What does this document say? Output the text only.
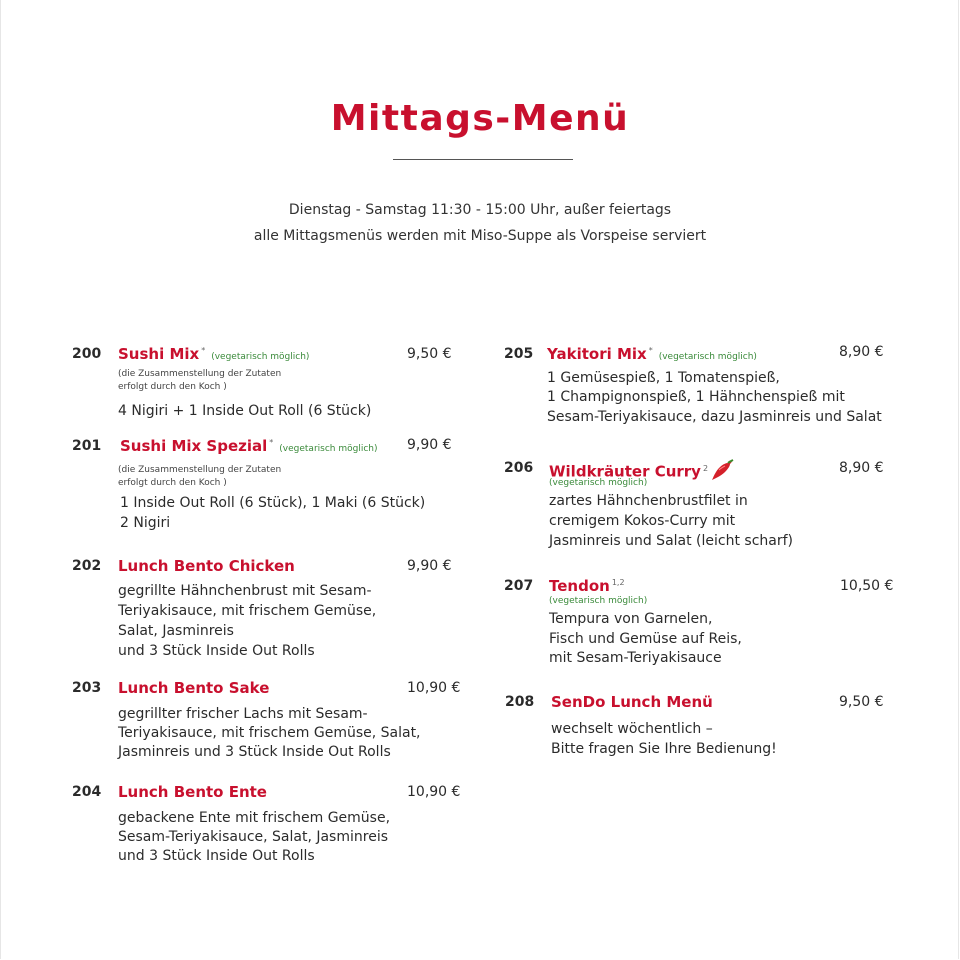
Mittags-Menü
Dienstag - Samstag 11:30 - 15:00 Uhr, außer feiertags
alle Mittagsmenüs werden mit Miso-Suppe als Vorspeise serviert
200 Sushi Mix *(vegetarisch möglich)	9,50 €
(die Zusammenstellung der Zutaten
erfolgt durch den Koch )
4 Nigiri + 1 Inside Out Roll (6 Stück)
201 Sushi Mix Spezial *(vegetarisch möglich) 9,90 €
(die Zusammenstellung der Zutaten
erfolgt durch den Koch )
1 Inside Out Roll (6 Stück), 1 Maki (6 Stück)
2 Nigiri
202 Lunch Bento Chicken	9,90 €
gegrillte Hähnchenbrust mit Sesam-
Teriyakisauce, mit frischem Gemüse,
Salat, Jasminreis
und 3 Stück Inside Out Rolls
203 Lunch Bento Sake	10,90 €
gegrillter frischer Lachs mit Sesam-
Teriyakisauce, mit frischem Gemüse, Salat,
Jasminreis und 3 Stück Inside Out Rolls
204 Lunch Bento Ente	10,90 €
gebackene Ente mit frischem Gemüse,
Sesam-Teriyakisauce, Salat, Jasminreis
und 3 Stück Inside Out Rolls
205 Yakitori Mix *(vegetarisch möglich)	8,90 €
1 Gemüsespieß, 1 Tomatenspieß,
1 Champignonspieß, 1 Hähnchenspieß mit
Sesam-Teriyakisauce, dazu Jasminreis und Salat
206 Wildkräuter Curry $^2$
(vegetarisch möglich)
8,90 €
zartes Hähnchenbrustfilet in
cremigem Kokos-Curry mit
Jasminreis und Salat (leicht scharf)
207 Tendon $^{1,2}$
(vegetarisch möglich)
10,50 €
Tempura von Garnelen,
Fisch und Gemüse auf Reis,
mit Sesam-Teriyakisauce
208 SenDo Lunch Menü	9,50 €
wechselt wöchentlich –
Bitte fragen Sie Ihre Bedienung!
